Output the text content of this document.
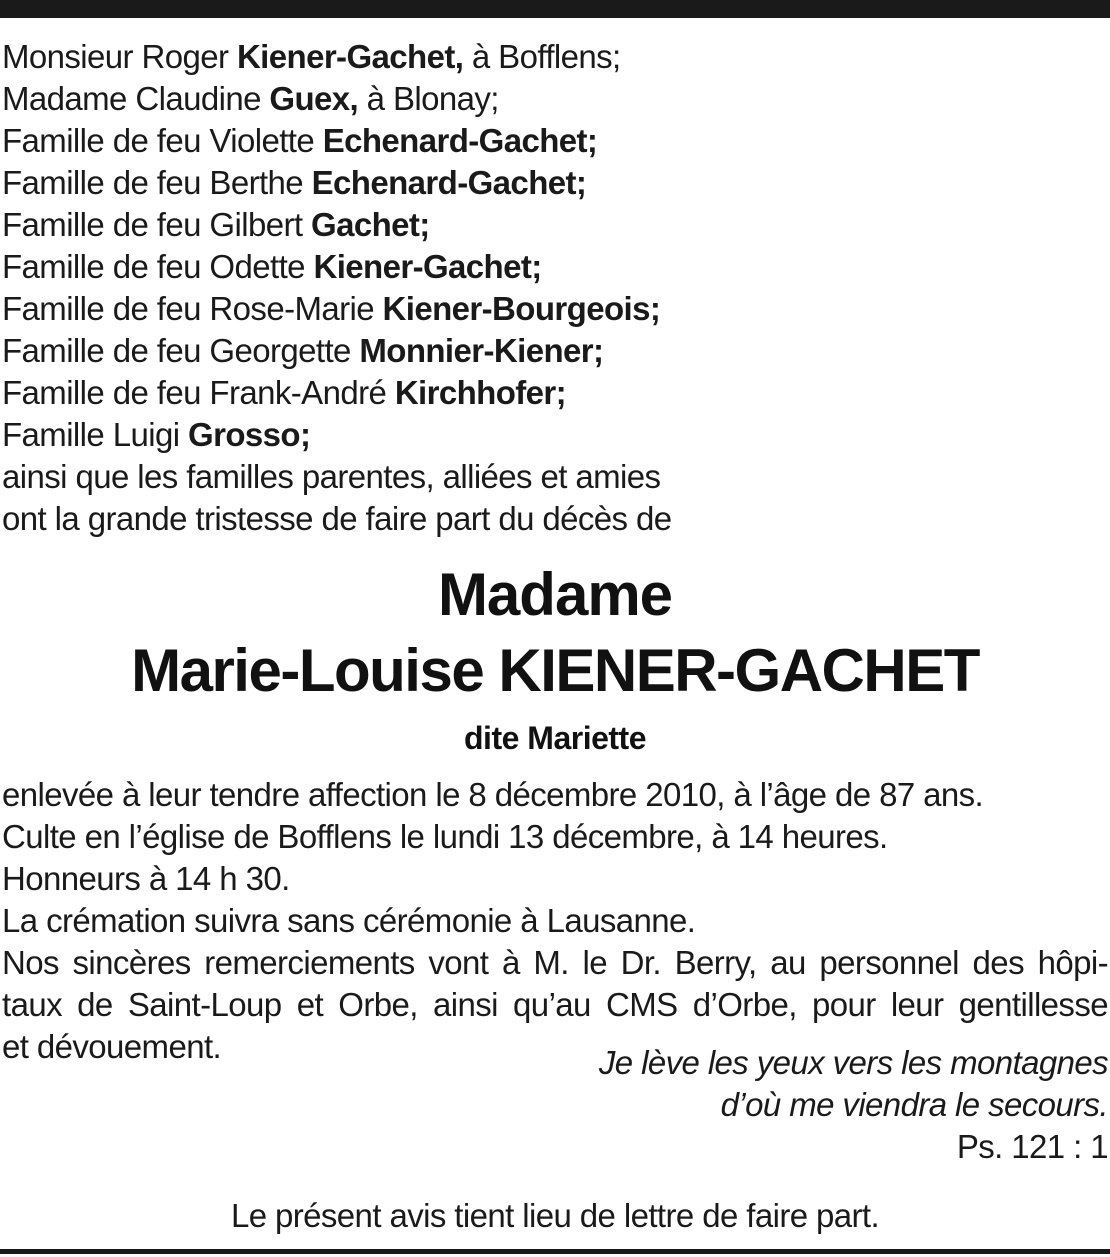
Monsieur Roger Kiener-Gachet, à Bofflens;
Madame Claudine Guex, à Blonay;
Famille de feu Violette Echenard-Gachet;
Famille de feu Berthe Echenard-Gachet;
Famille de feu Gilbert Gachet;
Famille de feu Odette Kiener-Gachet;
Famille de feu Rose-Marie Kiener-Bourgeois;
Famille de feu Georgette Monnier-Kiener;
Famille de feu Frank-André Kirchhofer;
Famille Luigi Grosso;
ainsi que les familles parentes, alliées et amies
ont la grande tristesse de faire part du décès de
Madame
Marie-Louise KIENER-GACHET
dite Mariette
enlevée à leur tendre affection le 8 décembre 2010, à l’âge de 87 ans.
Culte en l’église de Bofflens le lundi 13 décembre, à 14 heures.
Honneurs à 14 h 30.
La crémation suivra sans cérémonie à Lausanne.
Nos sincères remerciements vont à M. le Dr. Berry, au personnel des hôpi-
taux de Saint-Loup et Orbe, ainsi qu’au CMS d’Orbe, pour leur gentillesse
et dévouement.	Je lève les yeux vers les montagnes
d’où me viendra le secours.
Ps. 121 : 1
Le présent avis tient lieu de lettre de faire part.
